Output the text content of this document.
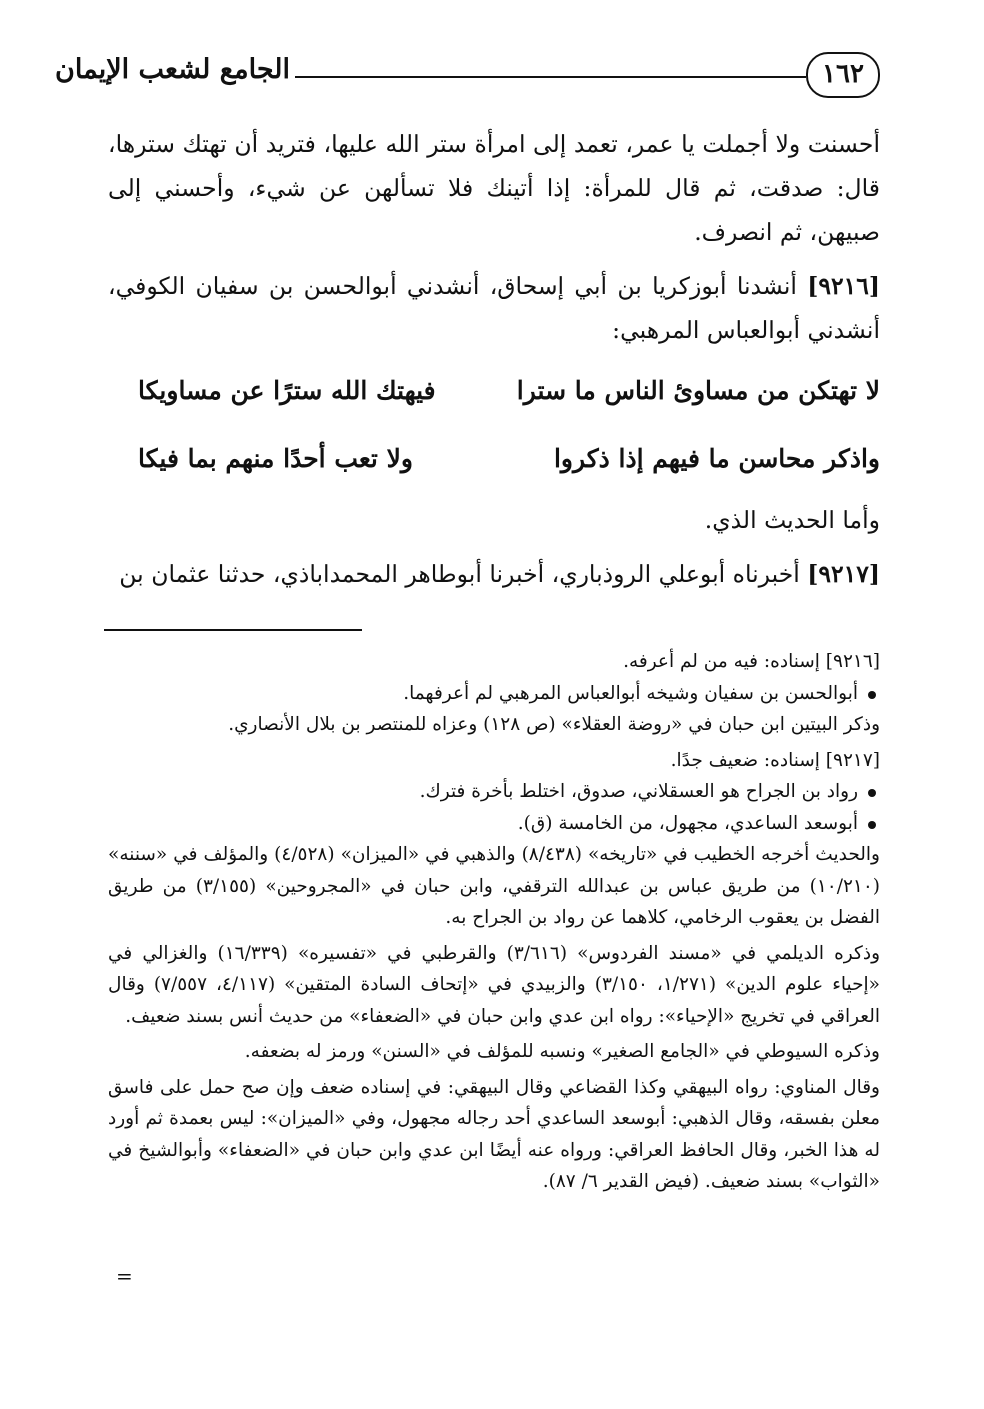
١٦٢
الجامع لشعب الإيمان

أحسنت ولا أجملت يا عمر، تعمد إلى امرأة ستر الله عليها، فتريد أن تهتك سترها، قال: صدقت، ثم قال للمرأة: إذا أتينك فلا تسألهن عن شيء، وأحسني إلى صبيهن، ثم انصرف.

[٩٢١٦] أنشدنا أبوزكريا بن أبي إسحاق، أنشدني أبوالحسن بن سفيان الكوفي، أنشدني أبوالعباس المرهبي:

لا تهتكن من مساوئ الناس ما سترا
فيهتك الله سترًا عن مساويكا
واذكر محاسن ما فيهم إذا ذكروا
ولا تعب أحدًا منهم بما فيكا

وأما الحديث الذي.

[٩٢١٧] أخبرناه أبوعلي الروذباري، أخبرنا أبوطاهر المحمداباذي، حدثنا عثمان بن

[٩٢١٦] إسناده: فيه من لم أعرفه.

أبوالحسن بن سفيان وشيخه أبوالعباس المرهبي لم أعرفهما.

وذكر البيتين ابن حبان في «روضة العقلاء» (ص ١٢٨) وعزاه للمنتصر بن بلال الأنصاري.

[٩٢١٧] إسناده: ضعيف جدًا.

رواد بن الجراح هو العسقلاني، صدوق، اختلط بأخرة فترك.

أبوسعد الساعدي، مجهول، من الخامسة (ق).

والحديث أخرجه الخطيب في «تاريخه» (٨/٤٣٨) والذهبي في «الميزان» (٤/٥٢٨) والمؤلف في «سننه» (١٠/٢١٠) من طريق عباس بن عبدالله الترقفي، وابن حبان في «المجروحين» (٣/١٥٥) من طريق الفضل بن يعقوب الرخامي، كلاهما عن رواد بن الجراح به.

وذكره الديلمي في «مسند الفردوس» (٣/٦١٦) والقرطبي في «تفسيره» (١٦/٣٣٩) والغزالي في «إحياء علوم الدين» (١/٢٧١، ٣/١٥٠) والزبيدي في «إتحاف السادة المتقين» (٤/١١٧، ٧/٥٥٧) وقال العراقي في تخريج «الإحياء»: رواه ابن عدي وابن حبان في «الضعفاء» من حديث أنس بسند ضعيف.

وذكره السيوطي في «الجامع الصغير» ونسبه للمؤلف في «السنن» ورمز له بضعفه.

وقال المناوي: رواه البيهقي وكذا القضاعي وقال البيهقي: في إسناده ضعف وإن صح حمل على فاسق معلن بفسقه، وقال الذهبي: أبوسعد الساعدي أحد رجاله مجهول، وفي «الميزان»: ليس بعمدة ثم أورد له هذا الخبر، وقال الحافظ العراقي: ورواه عنه أيضًا ابن عدي وابن حبان في «الضعفاء» وأبوالشيخ في «الثواب» بسند ضعيف. (فيض القدير ٦/ ٨٧).

=
